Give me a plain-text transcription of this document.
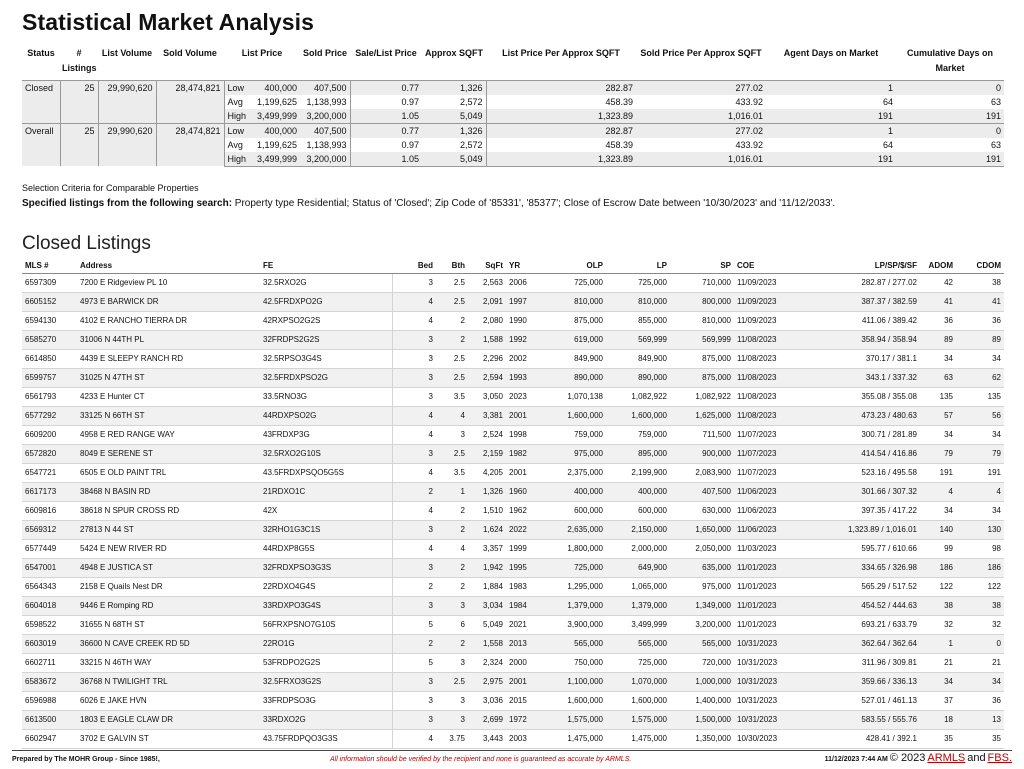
Statistical Market Analysis
Status	# Listings	List Volume	Sold Volume	List Price		Sold Price	Sale/List Price	Approx SQFT	List Price Per Approx SQFT	Sold Price Per Approx SQFT	Agent Days on Market	Cumulative Days on Market
Closed	25	29,990,620	28,474,821	Low	400,000	407,500	0.77	1,326	282.87	277.02	1	0
				Avg	1,199,625	1,138,993	0.97	2,572	458.39	433.92	64	63
				High	3,499,999	3,200,000	1.05	5,049	1,323.89	1,016.01	191	191
Overall	25	29,990,620	28,474,821	Low	400,000	407,500	0.77	1,326	282.87	277.02	1	0
				Avg	1,199,625	1,138,993	0.97	2,572	458.39	433.92	64	63
				High	3,499,999	3,200,000	1.05	5,049	1,323.89	1,016.01	191	191
Selection Criteria for Comparable Properties
Specified listings from the following search: Property type Residential; Status of 'Closed'; Zip Code of '85331', '85377'; Close of Escrow Date between '10/30/2023' and '11/12/2033'.
Closed Listings
MLS #	Address	FE	Bed	Bth	SqFt	YR	OLP	LP	SP	COE	LP/SP/$/SF	ADOM	CDOM
6597309	7200 E Ridgeview PL 10	32.5RXO2G	3	2.5	2,563	2006	725,000	725,000	710,000	11/09/2023	282.87 / 277.02	42	38
6605152	4973 E BARWICK DR	42.5FRDXPO2G	4	2.5	2,091	1997	810,000	810,000	800,000	11/09/2023	387.37 / 382.59	41	41
6594130	4102 E RANCHO TIERRA DR	42RXPSO2G2S	4	2	2,080	1990	875,000	855,000	810,000	11/09/2023	411.06 / 389.42	36	36
6585270	31006 N 44TH PL	32FRDPS2G2S	3	2	1,588	1992	619,000	569,999	569,999	11/08/2023	358.94 / 358.94	89	89
6614850	4439 E SLEEPY RANCH RD	32.5RPSO3G4S	3	2.5	2,296	2002	849,900	849,900	875,000	11/08/2023	370.17 / 381.1	34	34
6599757	31025 N 47TH ST	32.5FRDXPSO2G	3	2.5	2,594	1993	890,000	890,000	875,000	11/08/2023	343.1 / 337.32	63	62
6561793	4233 E Hunter CT	33.5RNO3G	3	3.5	3,050	2023	1,070,138	1,082,922	1,082,922	11/08/2023	355.08 / 355.08	135	135
6577292	33125 N 66TH ST	44RDXPSO2G	4	4	3,381	2001	1,600,000	1,600,000	1,625,000	11/08/2023	473.23 / 480.63	57	56
6609200	4958 E RED RANGE WAY	43FRDXP3G	4	3	2,524	1998	759,000	759,000	711,500	11/07/2023	300.71 / 281.89	34	34
6572820	8049 E SERENE ST	32.5RXO2G10S	3	2.5	2,159	1982	975,000	895,000	900,000	11/07/2023	414.54 / 416.86	79	79
6547721	6505 E OLD PAINT TRL	43.5FRDXPSQO5G5S	4	3.5	4,205	2001	2,375,000	2,199,900	2,083,900	11/07/2023	523.16 / 495.58	191	191
6617173	38468 N BASIN RD	21RDXO1C	2	1	1,326	1960	400,000	400,000	407,500	11/06/2023	301.66 / 307.32	4	4
6609816	38618 N SPUR CROSS RD	42X	4	2	1,510	1962	600,000	600,000	630,000	11/06/2023	397.35 / 417.22	34	34
6569312	27813 N 44 ST	32RHO1G3C1S	3	2	1,624	2022	2,635,000	2,150,000	1,650,000	11/06/2023	1,323.89 / 1,016.01	140	130
6577449	5424 E NEW RIVER RD	44RDXP8G5S	4	4	3,357	1999	1,800,000	2,000,000	2,050,000	11/03/2023	595.77 / 610.66	99	98
6547001	4948 E JUSTICA ST	32FRDXPSO3G3S	3	2	1,942	1995	725,000	649,900	635,000	11/01/2023	334.65 / 326.98	186	186
6564343	2158 E Quails Nest DR	22RDXO4G4S	2	2	1,884	1983	1,295,000	1,065,000	975,000	11/01/2023	565.29 / 517.52	122	122
6604018	9446 E Romping RD	33RDXPO3G4S	3	3	3,034	1984	1,379,000	1,379,000	1,349,000	11/01/2023	454.52 / 444.63	38	38
6598522	31655 N 68TH ST	56FRXPSNO7G10S	5	6	5,049	2021	3,900,000	3,499,999	3,200,000	11/01/2023	693.21 / 633.79	32	32
6603019	36600 N CAVE CREEK RD 5D	22RO1G	2	2	1,558	2013	565,000	565,000	565,000	10/31/2023	362.64 / 362.64	1	0
6602711	33215 N 46TH WAY	53FRDPO2G2S	5	3	2,324	2000	750,000	725,000	720,000	10/31/2023	311.96 / 309.81	21	21
6583672	36768 N TWILIGHT TRL	32.5FRXO3G2S	3	2.5	2,975	2001	1,100,000	1,070,000	1,000,000	10/31/2023	359.66 / 336.13	34	34
6596988	6026 E JAKE HVN	33FRDPSO3G	3	3	3,036	2015	1,600,000	1,600,000	1,400,000	10/31/2023	527.01 / 461.13	37	36
6613500	1803 E EAGLE CLAW DR	33RDXO2G	3	3	2,699	1972	1,575,000	1,575,000	1,500,000	10/31/2023	583.55 / 555.76	18	13
6602947	3702 E GALVIN ST	43.75FRDPQO3G3S	4	3.75	3,443	2003	1,475,000	1,475,000	1,350,000	10/30/2023	428.41 / 392.1	35	35
Prepared by The MOHR Group - Since 1985!,	All information should be verified by the recipient and none is guaranteed as accurate by ARMLS.	11/12/2023 7:44 AM © 2023 ARMLS and FBS.
